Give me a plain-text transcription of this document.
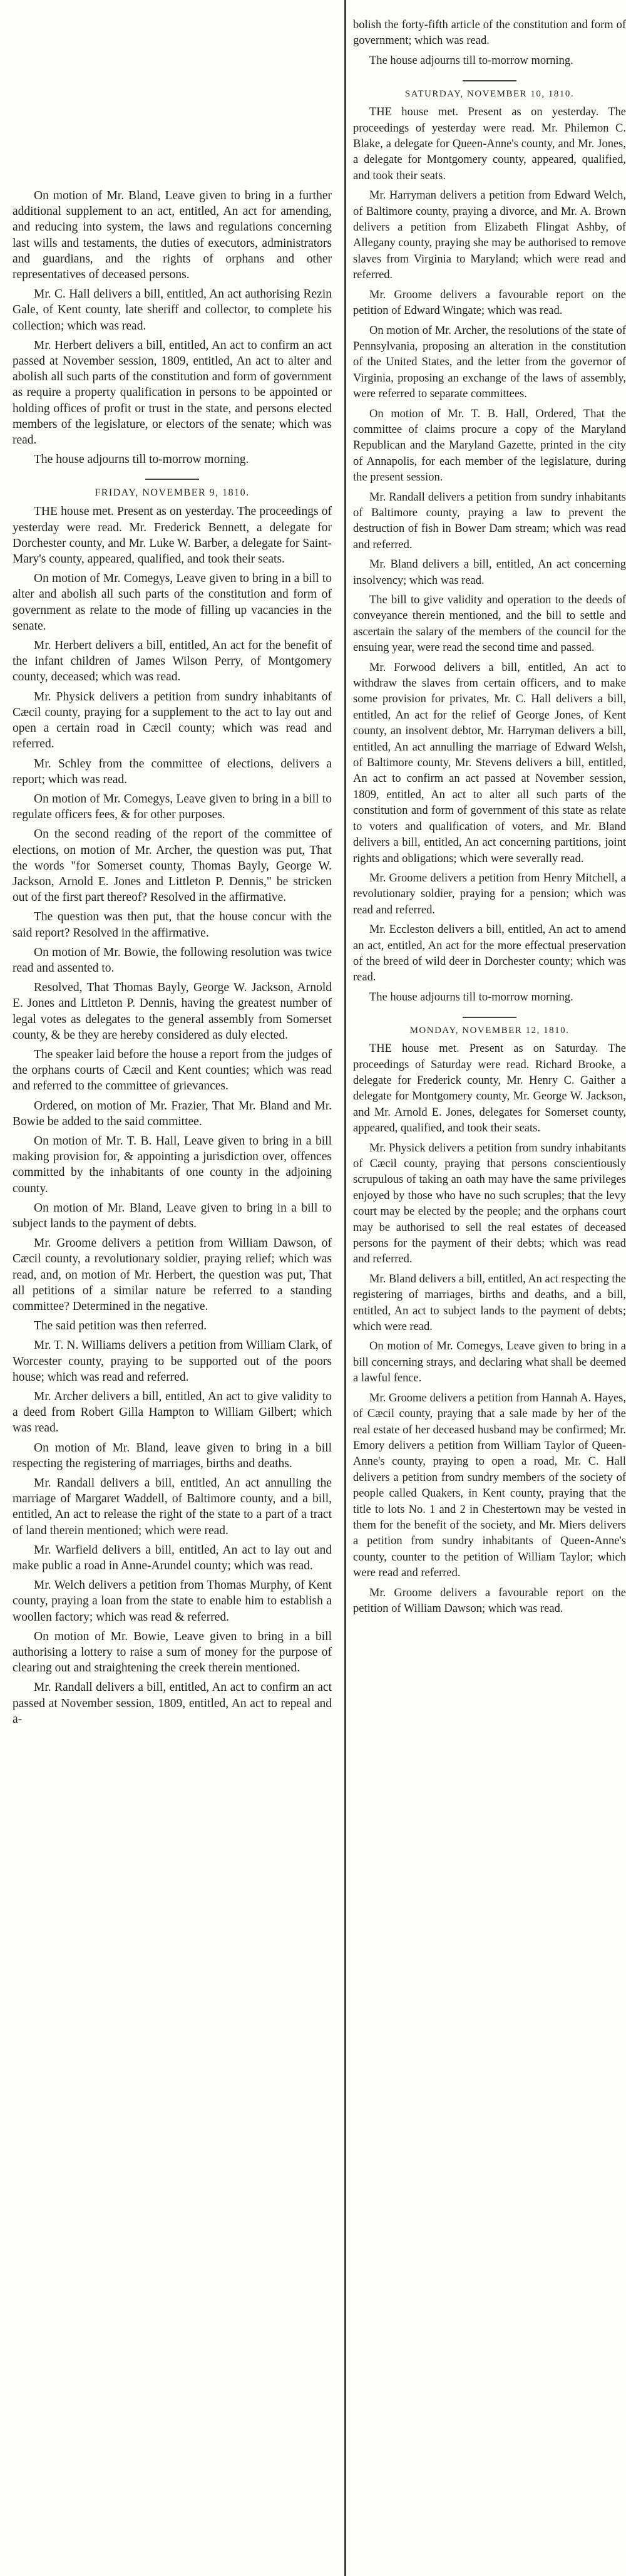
On motion of Mr. Bland, Leave given to bring in a further additional supplement to an act, entitled, An act for amending, and reducing into system, the laws and regulations concerning last wills and testaments, the duties of executors, administrators and guardians, and the rights of orphans and other representatives of deceased persons.

Mr. C. Hall delivers a bill, entitled, An act authorising Rezin Gale, of Kent county, late sheriff and collector, to complete his collection; which was read.

Mr. Herbert delivers a bill, entitled, An act to confirm an act passed at November session, 1809, entitled, An act to alter and abolish all such parts of the constitution and form of government as require a property qualification in persons to be appointed or holding offices of profit or trust in the state, and persons elected members of the legislature, or electors of the senate; which was read.

The house adjourns till to-morrow morning.

FRIDAY, NOVEMBER 9, 1810.

THE house met. Present as on yesterday. The proceedings of yesterday were read. Mr. Frederick Bennett, a delegate for Dorchester county, and Mr. Luke W. Barber, a delegate for Saint-Mary's county, appeared, qualified, and took their seats.

On motion of Mr. Comegys, Leave given to bring in a bill to alter and abolish all such parts of the constitution and form of government as relate to the mode of filling up vacancies in the senate.

Mr. Herbert delivers a bill, entitled, An act for the benefit of the infant children of James Wilson Perry, of Montgomery county, deceased; which was read.

Mr. Physick delivers a petition from sundry inhabitants of Cæcil county, praying for a supplement to the act to lay out and open a certain road in Cæcil county; which was read and referred.

Mr. Schley from the committee of elections, delivers a report; which was read.

On motion of Mr. Comegys, Leave given to bring in a bill to regulate officers fees, & for other purposes.

On the second reading of the report of the committee of elections, on motion of Mr. Archer, the question was put, That the words "for Somerset county, Thomas Bayly, George W. Jackson, Arnold E. Jones and Littleton P. Dennis," be stricken out of the first part thereof? Resolved in the affirmative.

The question was then put, that the house concur with the said report? Resolved in the affirmative.

On motion of Mr. Bowie, the following resolution was twice read and assented to.

Resolved, That Thomas Bayly, George W. Jackson, Arnold E. Jones and Littleton P. Dennis, having the greatest number of legal votes as delegates to the general assembly from Somerset county, & be they are hereby considered as duly elected.

The speaker laid before the house a report from the judges of the orphans courts of Cæcil and Kent counties; which was read and referred to the committee of grievances.

Ordered, on motion of Mr. Frazier, That Mr. Bland and Mr. Bowie be added to the said committee.

On motion of Mr. T. B. Hall, Leave given to bring in a bill making provision for, & appointing a jurisdiction over, offences committed by the inhabitants of one county in the adjoining county.

On motion of Mr. Bland, Leave given to bring in a bill to subject lands to the payment of debts.

Mr. Groome delivers a petition from William Dawson, of Cæcil county, a revolutionary soldier, praying relief; which was read, and, on motion of Mr. Herbert, the question was put, That all petitions of a similar nature be referred to a standing committee? Determined in the negative.

The said petition was then referred.

Mr. T. N. Williams delivers a petition from William Clark, of Worcester county, praying to be supported out of the poors house; which was read and referred.

Mr. Archer delivers a bill, entitled, An act to give validity to a deed from Robert Gilla Hampton to William Gilbert; which was read.

On motion of Mr. Bland, leave given to bring in a bill respecting the registering of marriages, births and deaths.

Mr. Randall delivers a bill, entitled, An act annulling the marriage of Margaret Waddell, of Baltimore county, and a bill, entitled, An act to release the right of the state to a part of a tract of land therein mentioned; which were read.

Mr. Warfield delivers a bill, entitled, An act to lay out and make public a road in Anne-Arundel county; which was read.

Mr. Welch delivers a petition from Thomas Murphy, of Kent county, praying a loan from the state to enable him to establish a woollen factory; which was read & referred.

On motion of Mr. Bowie, Leave given to bring in a bill authorising a lottery to raise a sum of money for the purpose of clearing out and straightening the creek therein mentioned.

Mr. Randall delivers a bill, entitled, An act to confirm an act passed at November session, 1809, entitled, An act to repeal and a-

bolish the forty-fifth article of the constitution and form of government; which was read.

The house adjourns till to-morrow morning.

SATURDAY, NOVEMBER 10, 1810.

THE house met. Present as on yesterday. The proceedings of yesterday were read. Mr. Philemon C. Blake, a delegate for Queen-Anne's county, and Mr. Jones, a delegate for Montgomery county, appeared, qualified, and took their seats.

Mr. Harryman delivers a petition from Edward Welch, of Baltimore county, praying a divorce, and Mr. A. Brown delivers a petition from Elizabeth Flingat Ashby, of Allegany county, praying she may be authorised to remove slaves from Virginia to Maryland; which were read and referred.

Mr. Groome delivers a favourable report on the petition of Edward Wingate; which was read.

On motion of Mr. Archer, the resolutions of the state of Pennsylvania, proposing an alteration in the constitution of the United States, and the letter from the governor of Virginia, proposing an exchange of the laws of assembly, were referred to separate committees.

On motion of Mr. T. B. Hall, Ordered, That the committee of claims procure a copy of the Maryland Republican and the Maryland Gazette, printed in the city of Annapolis, for each member of the legislature, during the present session.

Mr. Randall delivers a petition from sundry inhabitants of Baltimore county, praying a law to prevent the destruction of fish in Bower Dam stream; which was read and referred.

Mr. Bland delivers a bill, entitled, An act concerning insolvency; which was read.

The bill to give validity and operation to the deeds of conveyance therein mentioned, and the bill to settle and ascertain the salary of the members of the council for the ensuing year, were read the second time and passed.

Mr. Forwood delivers a bill, entitled, An act to withdraw the slaves from certain officers, and to make some provision for privates, Mr. C. Hall delivers a bill, entitled, An act for the relief of George Jones, of Kent county, an insolvent debtor, Mr. Harryman delivers a bill, entitled, An act annulling the marriage of Edward Welsh, of Baltimore county, Mr. Stevens delivers a bill, entitled, An act to confirm an act passed at November session, 1809, entitled, An act to alter all such parts of the constitution and form of government of this state as relate to voters and qualification of voters, and Mr. Bland delivers a bill, entitled, An act concerning partitions, joint rights and obligations; which were severally read.

Mr. Groome delivers a petition from Henry Mitchell, a revolutionary soldier, praying for a pension; which was read and referred.

Mr. Eccleston delivers a bill, entitled, An act to amend an act, entitled, An act for the more effectual preservation of the breed of wild deer in Dorchester county; which was read.

The house adjourns till to-morrow morning.

MONDAY, NOVEMBER 12, 1810.

THE house met. Present as on Saturday. The proceedings of Saturday were read. Richard Brooke, a delegate for Frederick county, Mr. Henry C. Gaither a delegate for Montgomery county, Mr. George W. Jackson, and Mr. Arnold E. Jones, delegates for Somerset county, appeared, qualified, and took their seats.

Mr. Physick delivers a petition from sundry inhabitants of Cæcil county, praying that persons conscientiously scrupulous of taking an oath may have the same privileges enjoyed by those who have no such scruples; that the levy court may be elected by the people; and the orphans court may be authorised to sell the real estates of deceased persons for the payment of their debts; which was read and referred.

Mr. Bland delivers a bill, entitled, An act respecting the registering of marriages, births and deaths, and a bill, entitled, An act to subject lands to the payment of debts; which were read.

On motion of Mr. Comegys, Leave given to bring in a bill concerning strays, and declaring what shall be deemed a lawful fence.

Mr. Groome delivers a petition from Hannah A. Hayes, of Cæcil county, praying that a sale made by her of the real estate of her deceased husband may be confirmed; Mr. Emory delivers a petition from William Taylor of Queen-Anne's county, praying to open a road, Mr. C. Hall delivers a petition from sundry members of the society of people called Quakers, in Kent county, praying that the title to lots No. 1 and 2 in Chestertown may be vested in them for the benefit of the society, and Mr. Miers delivers a petition from sundry inhabitants of Queen-Anne's county, counter to the petition of William Taylor; which were read and referred.

Mr. Groome delivers a favourable report on the petition of William Dawson; which was read.
